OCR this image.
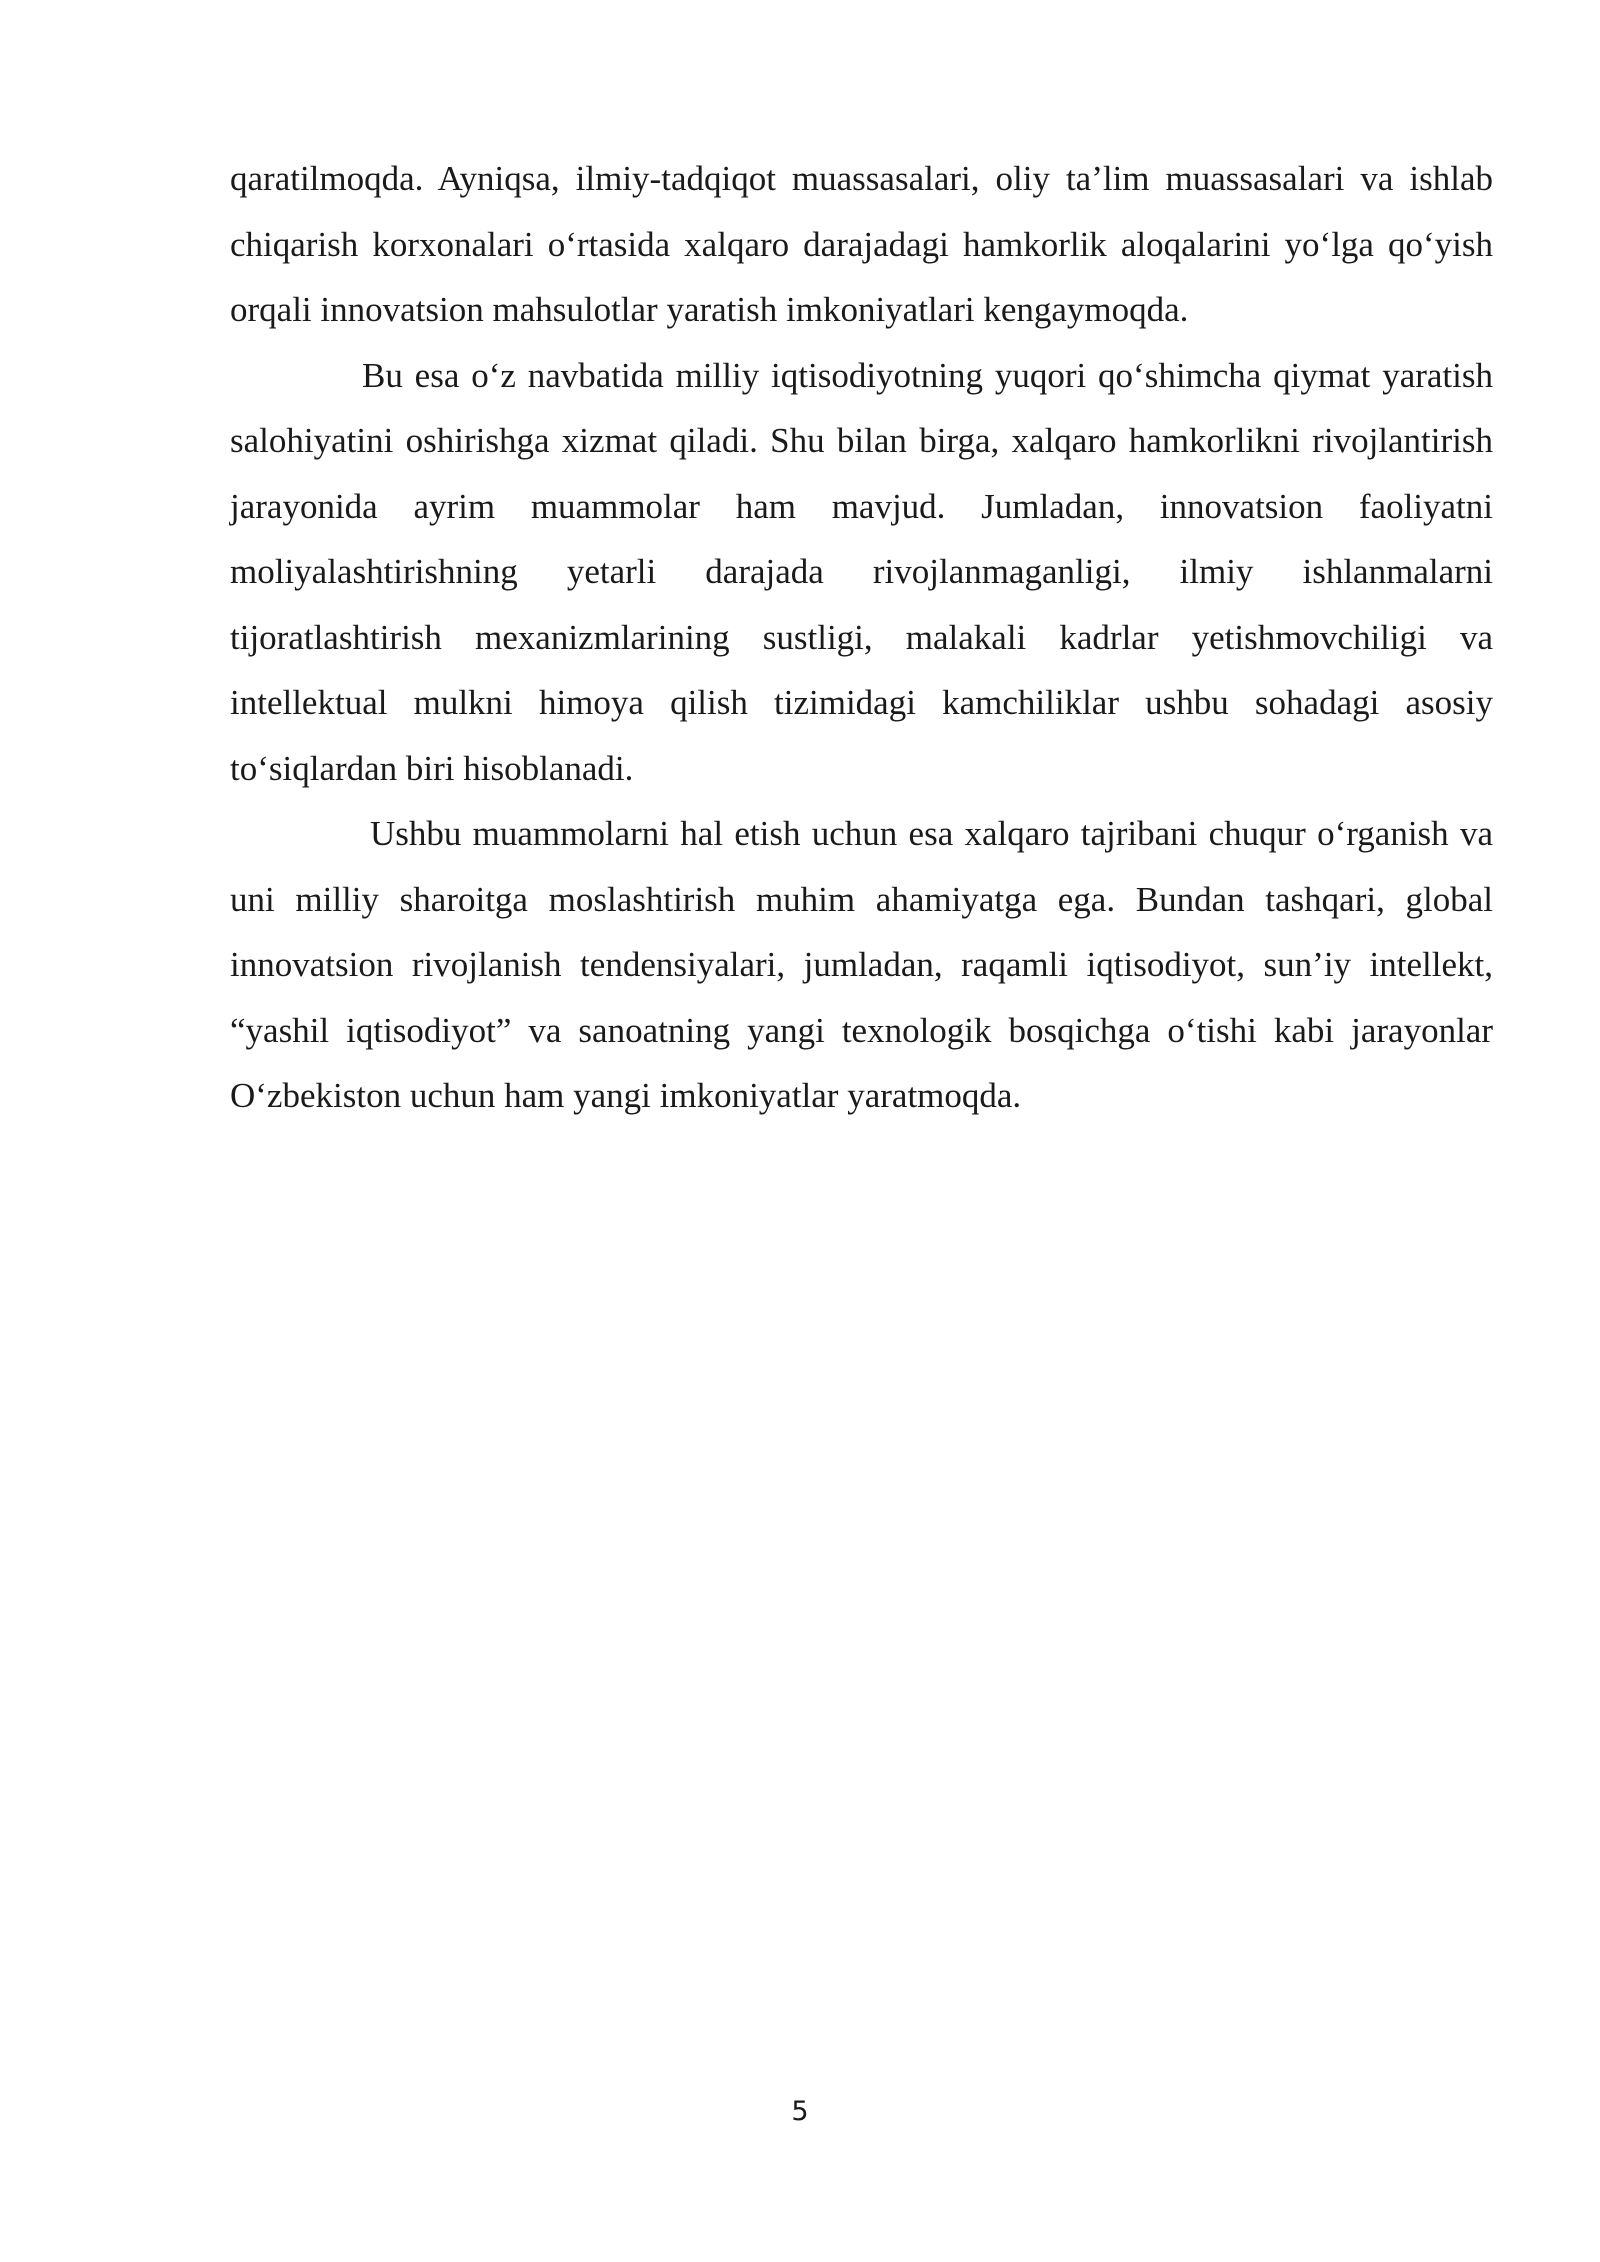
qaratilmoqda. Ayniqsa, ilmiy-tadqiqot muassasalari, oliy ta’lim muassasalari va ishlab chiqarish korxonalari oʻrtasida xalqaro darajadagi hamkorlik aloqalarini yoʻlga qoʻyish orqali innovatsion mahsulotlar yaratish imkoniyatlari kengaymoqda.

Bu esa oʻz navbatida milliy iqtisodiyotning yuqori qoʻshimcha qiymat yaratish salohiyatini oshirishga xizmat qiladi. Shu bilan birga, xalqaro hamkorlikni rivojlantirish jarayonida ayrim muammolar ham mavjud. Jumladan, innovatsion faoliyatni moliyalashtirishning yetarli darajada rivojlanmaganligi, ilmiy ishlanmalarni tijoratlashtirish mexanizmlarining sustligi, malakali kadrlar yetishmovchiligi va intellektual mulkni himoya qilish tizimidagi kamchiliklar ushbu sohadagi asosiy toʻsiqlardan biri hisoblanadi.

Ushbu muammolarni hal etish uchun esa xalqaro tajribani chuqur oʻrganish va uni milliy sharoitga moslashtirish muhim ahamiyatga ega. Bundan tashqari, global innovatsion rivojlanish tendensiyalari, jumladan, raqamli iqtisodiyot, sun’iy intellekt, “yashil iqtisodiyot” va sanoatning yangi texnologik bosqichga oʻtishi kabi jarayonlar Oʻzbekiston uchun ham yangi imkoniyatlar yaratmoqda.

5
